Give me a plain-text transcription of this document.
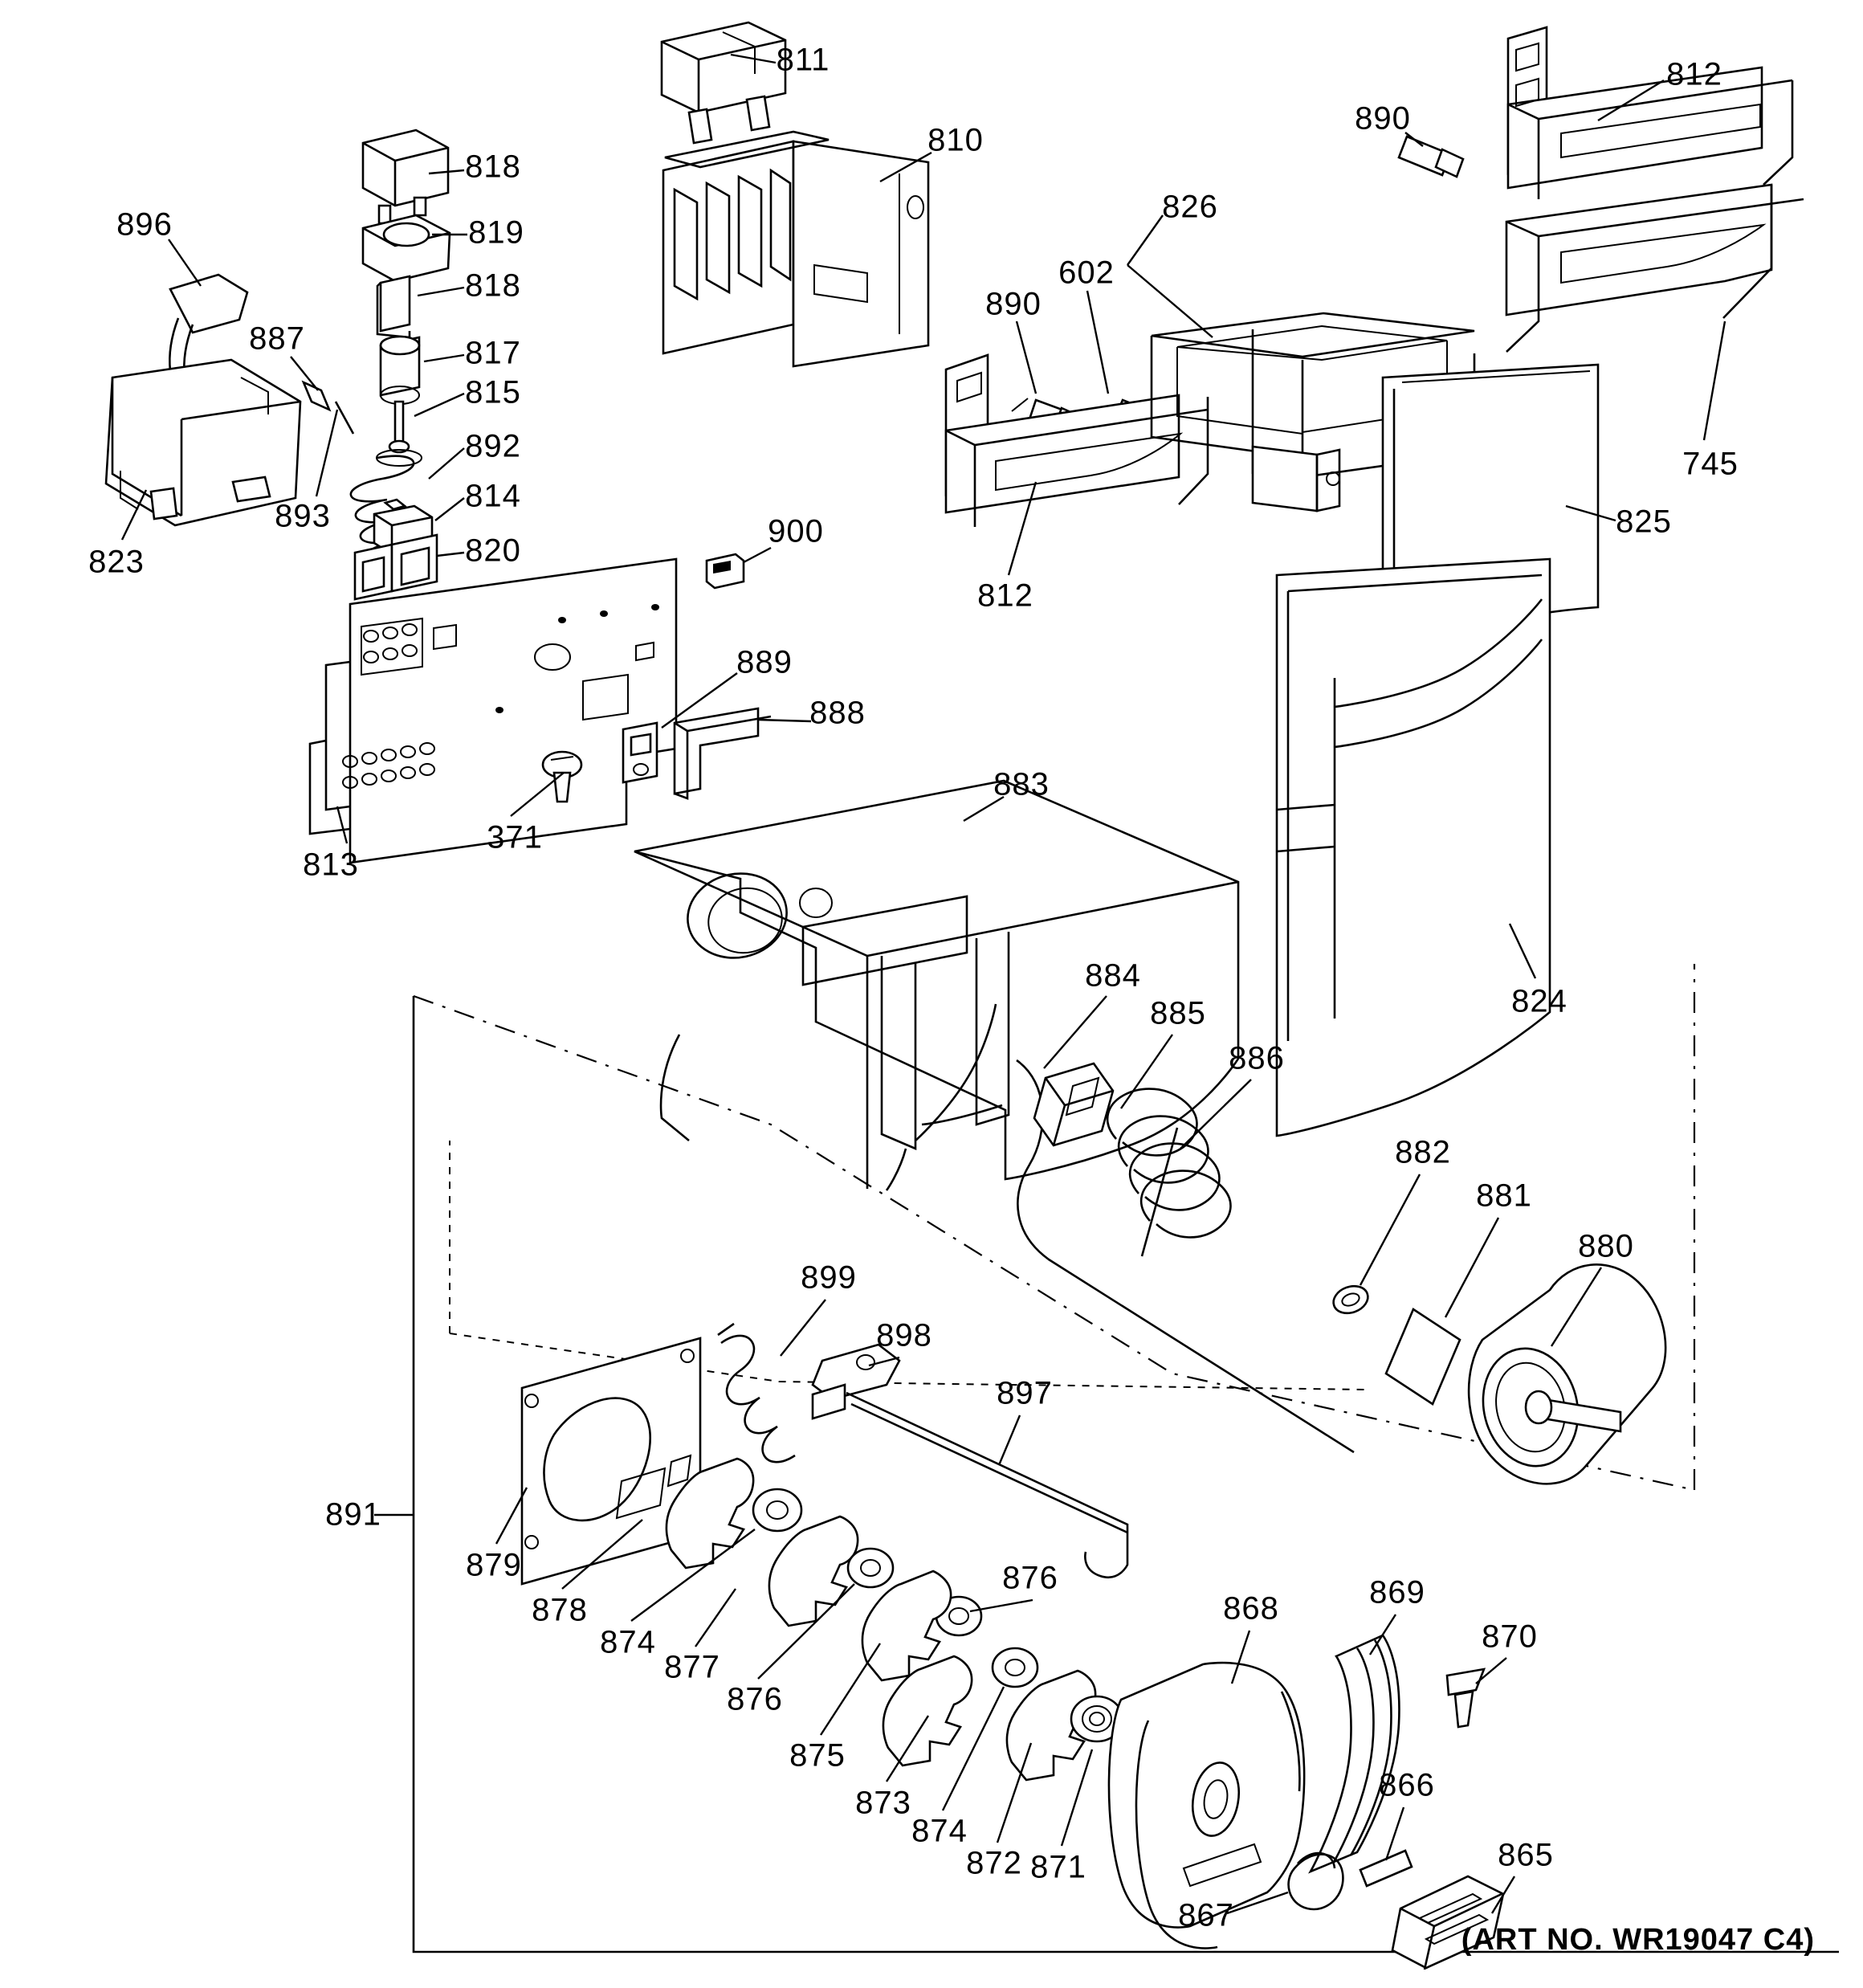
811	812
890
810
818
896	819
826
818	602
890
887	817
815
892	745
814
893	825
900
820
823
812
889
888
813
371
883
824
884
885
886
882
881
880
899
898
897
891
879
878
874
877
876
875
873
874
872 871
876
868	869
870
867
866
865
(ART NO. WR19047 C4)
